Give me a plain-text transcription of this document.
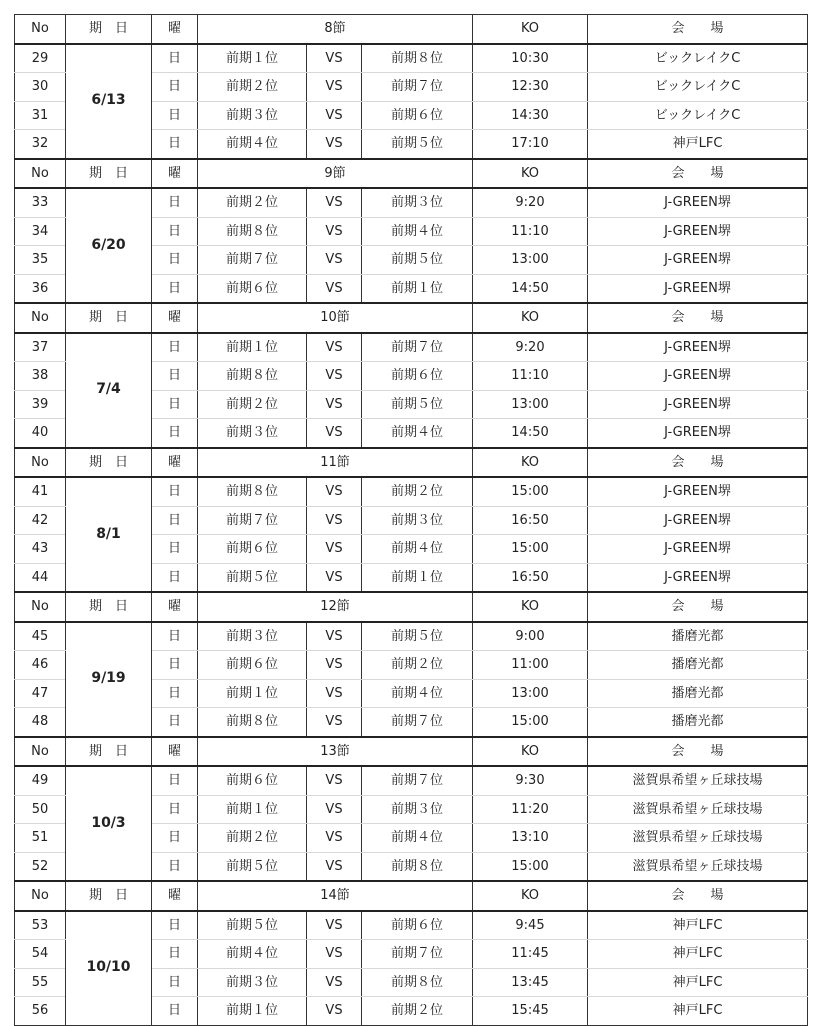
No	期　日	曜	8節			KO	会　　場
29	6/13	日	前期１位	VS	前期８位	10:30	ビックレイクC
30		日	前期２位	VS	前期７位	12:30	ビックレイクC
31		日	前期３位	VS	前期６位	14:30	ビックレイクC
32		日	前期４位	VS	前期５位	17:10	神戸LFC
No	期　日	曜	9節			KO	会　　場
33	6/20	日	前期２位	VS	前期３位	9:20	J-GREEN堺
34		日	前期８位	VS	前期４位	11:10	J-GREEN堺
35		日	前期７位	VS	前期５位	13:00	J-GREEN堺
36		日	前期６位	VS	前期１位	14:50	J-GREEN堺
No	期　日	曜	10節			KO	会　　場
37	7/4	日	前期１位	VS	前期７位	9:20	J-GREEN堺
38		日	前期８位	VS	前期６位	11:10	J-GREEN堺
39		日	前期２位	VS	前期５位	13:00	J-GREEN堺
40		日	前期３位	VS	前期４位	14:50	J-GREEN堺
No	期　日	曜	11節			KO	会　　場
41	8/1	日	前期８位	VS	前期２位	15:00	J-GREEN堺
42		日	前期７位	VS	前期３位	16:50	J-GREEN堺
43		日	前期６位	VS	前期４位	15:00	J-GREEN堺
44		日	前期５位	VS	前期１位	16:50	J-GREEN堺
No	期　日	曜	12節			KO	会　　場
45	9/19	日	前期３位	VS	前期５位	9:00	播磨光都
46		日	前期６位	VS	前期２位	11:00	播磨光都
47		日	前期１位	VS	前期４位	13:00	播磨光都
48		日	前期８位	VS	前期７位	15:00	播磨光都
No	期　日	曜	13節			KO	会　　場
49	10/3	日	前期６位	VS	前期７位	9:30	滋賀県希望ヶ丘球技場
50		日	前期１位	VS	前期３位	11:20	滋賀県希望ヶ丘球技場
51		日	前期２位	VS	前期４位	13:10	滋賀県希望ヶ丘球技場
52		日	前期５位	VS	前期８位	15:00	滋賀県希望ヶ丘球技場
No	期　日	曜	14節			KO	会　　場
53	10/10	日	前期５位	VS	前期６位	9:45	神戸LFC
54		日	前期４位	VS	前期７位	11:45	神戸LFC
55		日	前期３位	VS	前期８位	13:45	神戸LFC
56		日	前期１位	VS	前期２位	15:45	神戸LFC
